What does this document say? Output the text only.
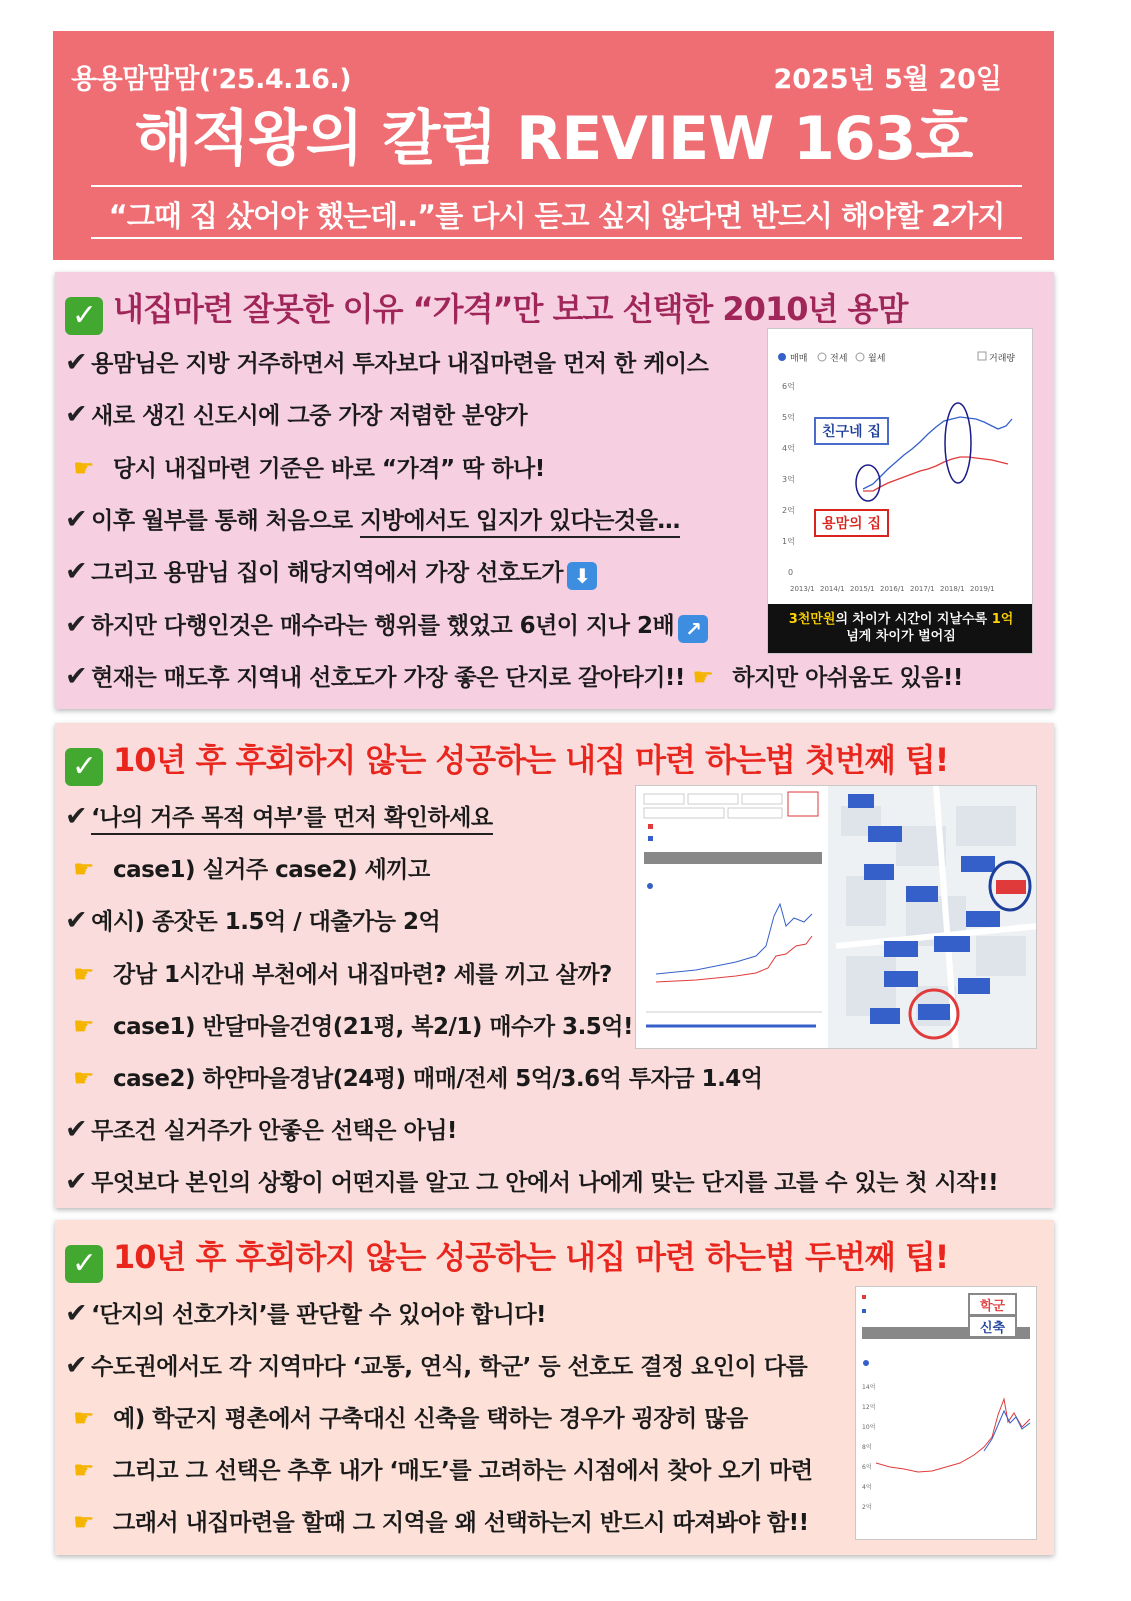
용용맘맘맘('25.4.16.)	2025년 5월 20일
해적왕의 칼럼 REVIEW 163호
“그때 집 샀어야 했는데..”를 다시 듣고 싶지 않다면 반드시 해야할 2가지
✓ 내집마련 잘못한 이유 “가격”만 보고 선택한 2010년 용맘
✔ 용맘님은 지방 거주하면서 투자보다 내집마련을 먼저 한 케이스
✔ 새로 생긴 신도시에 그중 가장 저렴한 분양가
☛ 당시 내집마련 기준은 바로 “가격” 딱 하나!
✔ 이후 월부를 통해 처음으로 지방에서도 입지가 있다는것을…
✔ 그리고 용맘님 집이 해당지역에서 가장 선호도가 ⬇
✔ 하지만 다행인것은 매수라는 행위를 했었고 6년이 지나 2배 ↗
✔ 현재는 매도후 지역내 선호도가 가장 좋은 단지로 갈아타기!! ☛ 하지만 아쉬움도 있음!!
매매	전세 월세	거래량
6억
5억
4억
3억
2억
1억
0
2013/1 2014/1 2015/1 2016/1 2017/1 2018/1 2019/1
친구네 집
용맘의 집
3천만원의 차이가 시간이 지날수록 1억
넘게 차이가 벌어짐
✓ 10년 후 후회하지 않는 성공하는 내집 마련 하는법 첫번째 팁!
✔ ‘나의 거주 목적 여부’를 먼저 확인하세요
☛ case1) 실거주 case2) 세끼고
✔ 예시) 종잣돈 1.5억 / 대출가능 2억
☛ 강남 1시간내 부천에서 내집마련? 세를 끼고 살까?
☛ case1) 반달마을건영(21평, 복2/1) 매수가 3.5억!
☛ case2) 하얀마을경남(24평) 매매/전세 5억/3.6억 투자금 1.4억
✔ 무조건 실거주가 안좋은 선택은 아님!
✔ 무엇보다 본인의 상황이 어떤지를 알고 그 안에서 나에게 맞는 단지를 고를 수 있는 첫 시작!!
✓ 10년 후 후회하지 않는 성공하는 내집 마련 하는법 두번째 팁!
✔ ‘단지의 선호가치’를 판단할 수 있어야 합니다!
✔ 수도권에서도 각 지역마다 ‘교통, 연식, 학군’ 등 선호도 결정 요인이 다름
☛ 예) 학군지 평촌에서 구축대신 신축을 택하는 경우가 굉장히 많음
☛ 그리고 그 선택은 추후 내가 ‘매도’를 고려하는 시점에서 찾아 오기 마련
☛ 그래서 내집마련을 할때 그 지역을 왜 선택하는지 반드시 따져봐야 함!!
14억
12억
10억
8억
6억
4억
2억
학군
신축
